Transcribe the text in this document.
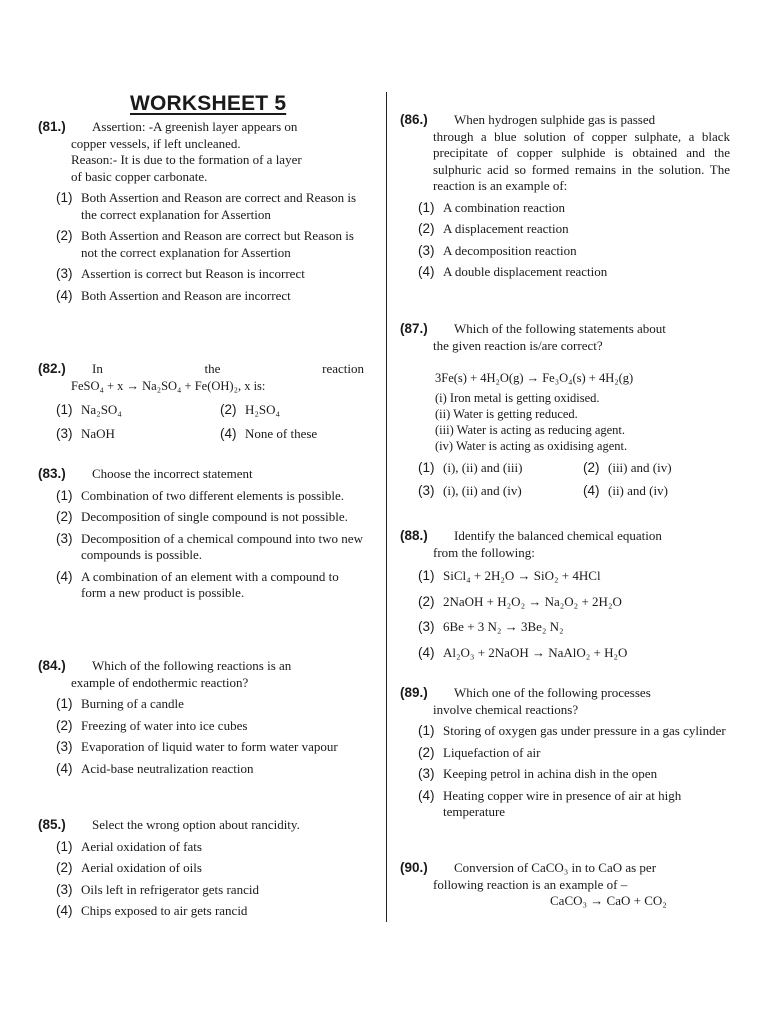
WORKSHEET 5
(81.)	Assertion: -A greenish layer appears on
copper vessels, if left uncleaned.
Reason:- It is due to the formation of a layer
of basic copper carbonate.
(1) Both Assertion and Reason are correct and Reason is the correct explanation for Assertion
(2) Both Assertion and Reason are correct but Reason is not the correct explanation for Assertion
(3) Assertion is correct but Reason is incorrect
(4) Both Assertion and Reason are incorrect
(82.)	In	the	reaction
FeSO₄ + x → Na₂SO₄ + Fe(OH)₂, x is:
(1) Na₂SO₄	(2) H₂SO₄
(3) NaOH	(4) None of these
(83.)	Choose the incorrect statement
(1) Combination of two different elements is possible.
(2) Decomposition of single compound is not possible.
(3) Decomposition of a chemical compound into two new compounds is possible.
(4) A combination of an element with a compound to form a new product is possible.
(84.)	Which of the following reactions is an
example of endothermic reaction?
(1) Burning of a candle
(2) Freezing of water into ice cubes
(3) Evaporation of liquid water to form water vapour
(4) Acid-base neutralization reaction
(85.)	Select the wrong option about rancidity.
(1) Aerial oxidation of fats
(2) Aerial oxidation of oils
(3) Oils left in refrigerator gets rancid
(4) Chips exposed to air gets rancid
(86.)	When hydrogen sulphide gas is passed
through a blue solution of copper sulphate, a black precipitate of copper sulphide is obtained and the sulphuric acid so formed remains in the solution. The reaction is an example of:
(1) A combination reaction
(2) A displacement reaction
(3) A decomposition reaction
(4) A double displacement reaction
(87.)	Which of the following statements about
the given reaction is/are correct?
3Fe(s) + 4H₂O(g) → Fe₃O₄(s) + 4H₂(g)
(i) Iron metal is getting oxidised.
(ii) Water is getting reduced.
(iii) Water is acting as reducing agent.
(iv) Water is acting as oxidising agent.
(1) (i), (ii) and (iii)	(2) (iii) and (iv)
(3) (i), (ii) and (iv)	(4) (ii) and (iv)
(88.)	Identify the balanced chemical equation
from the following:
(1) SiCl₄ + 2H₂O → SiO₂ + 4HCl
(2) 2NaOH + H₂O₂ → Na₂O₂ + 2H₂O
(3) 6Be + 3 N₂ → 3Be₂ N₂
(4) Al₂O₃ + 2NaOH → NaAlO₂ + H₂O
(89.)	Which one of the following processes
involve chemical reactions?
(1) Storing of oxygen gas under pressure in a gas cylinder
(2) Liquefaction of air
(3) Keeping petrol in achina dish in the open
(4) Heating copper wire in presence of air at high temperature
(90.)	Conversion of CaCO₃ in to CaO as per
following reaction is an example of –
CaCO₃ → CaO + CO₂
